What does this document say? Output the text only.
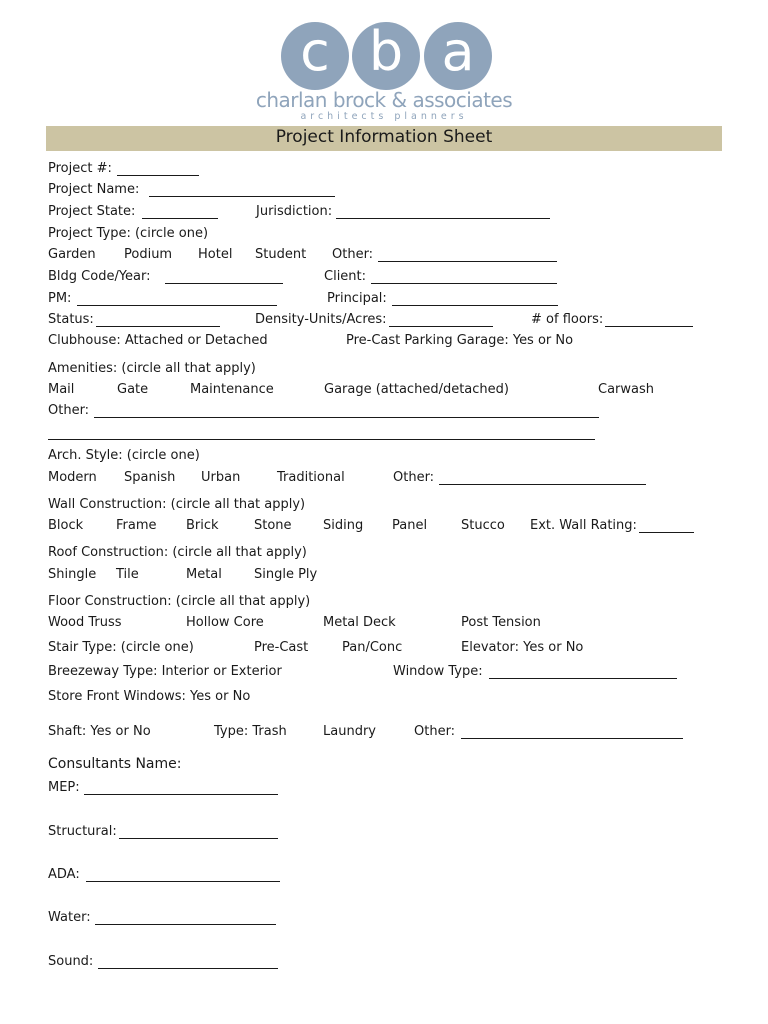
c b a
charlan brock & associates
architects planners
Project Information Sheet
Project #:
Project Name:
Project State:	Jurisdiction:
Project Type: (circle one)
Garden Podium Hotel Student Other:
Bldg Code/Year:	Client:
PM:	Principal:
Status:	Density-Units/Acres:	# of floors:
Clubhouse: Attached or Detached	Pre-Cast Parking Garage: Yes or No
Amenities: (circle all that apply)
Mail	Gate	Maintenance	Garage (attached/detached)	Carwash
Other:
Arch. Style: (circle one)
Modern Spanish Urban	Traditional	Other:
Wall Construction: (circle all that apply)
Block	Frame Brick	Stone Siding Panel	Stucco Ext. Wall Rating:
Roof Construction: (circle all that apply)
Shingle Tile	Metal Single Ply
Floor Construction: (circle all that apply)
Wood Truss	Hollow Core	Metal Deck	Post Tension
Stair Type: (circle one)	Pre-Cast	Pan/Conc	Elevator: Yes or No
Breezeway Type: Interior or Exterior	Window Type:
Store Front Windows: Yes or No
Shaft: Yes or No	Type: Trash	Laundry	Other:
Consultants Name:
MEP:
Structural:
ADA:
Water:
Sound:
